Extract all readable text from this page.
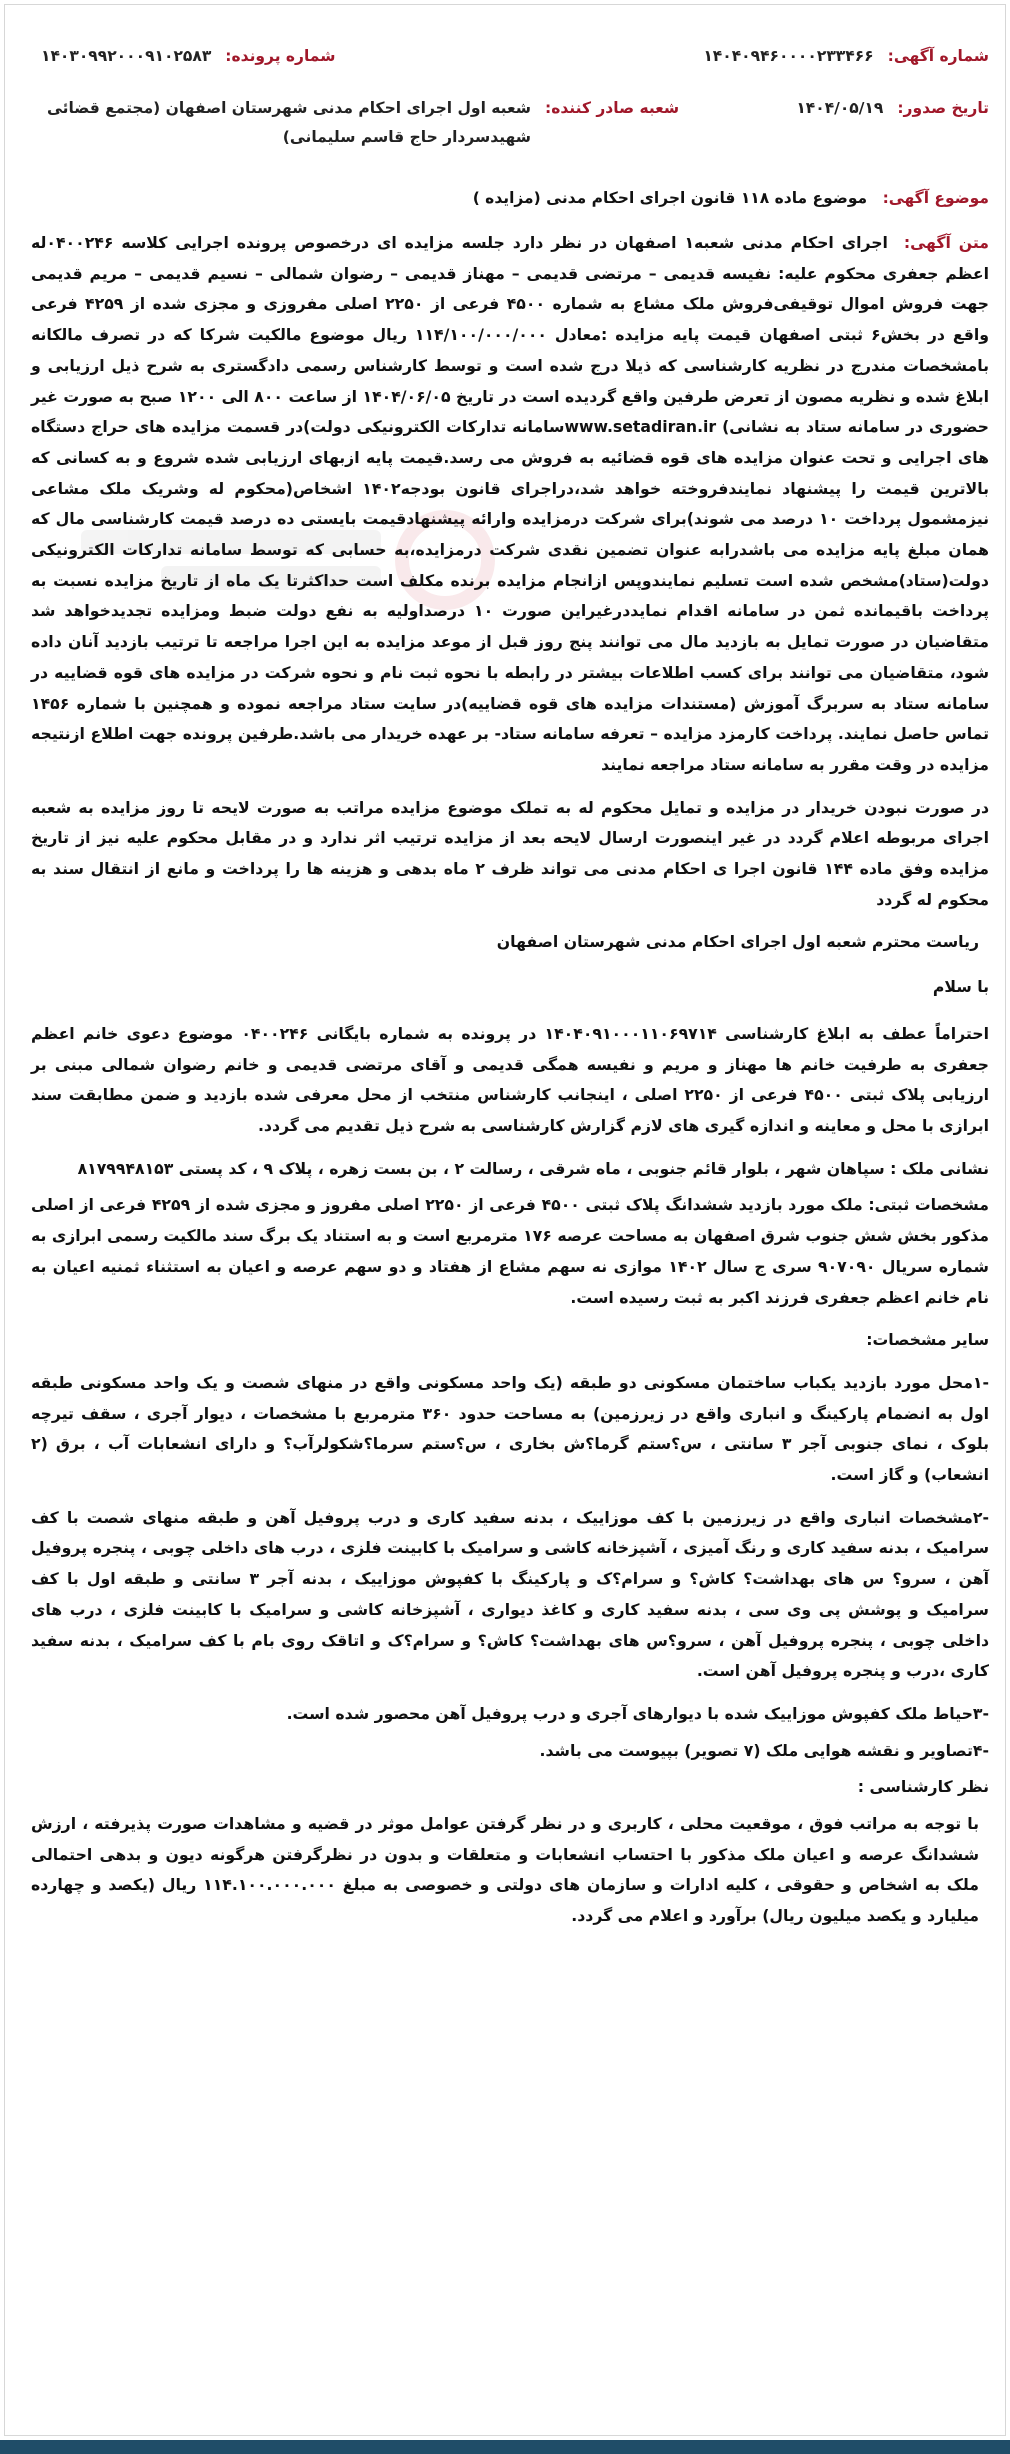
شماره آگهی:
۱۴۰۴۰۹۴۶۰۰۰۰۲۳۳۴۶۶
شماره پرونده:
۱۴۰۳۰۹۹۲۰۰۰۹۱۰۲۵۸۳
تاریخ صدور:
۱۴۰۴/۰۵/۱۹
شعبه صادر کننده:
شعبه اول اجرای احکام مدنی شهرستان اصفهان (مجتمع قضائی شهیدسردار حاج قاسم سلیمانی)
موضوع آگهی: موضوع ماده ۱۱۸ قانون اجرای احکام مدنی (مزایده )

متن آگهی: اجرای احکام مدنی شعبه۱ اصفهان در نظر دارد جلسه مزایده ای درخصوص پرونده اجرایی کلاسه ۰۴۰۰۲۴۶له اعظم جعفری محکوم علیه: نفیسه قدیمی – مرتضی قدیمی – مهناز قدیمی – رضوان شمالی – نسیم قدیمی – مریم قدیمی جهت فروش اموال توقیفی‌فروش ملک مشاع به شماره ۴۵۰۰ فرعی از ۲۲۵۰ اصلی مفروزی و مجزی شده از ۴۲۵۹ فرعی واقع در بخش۶ ثبتی اصفهان قیمت پایه مزایده :معادل ۱۱۴/۱۰۰/۰۰۰/۰۰۰ ریال موضوع مالکیت شرکا که در تصرف مالکانه بامشخصات مندرج در نظریه کارشناسی که ذیلا درج شده است و توسط کارشناس رسمی دادگستری به شرح ذیل ارزیابی و ابلاغ شده و نظریه مصون از تعرض طرفین واقع گردیده است در تاریخ ۱۴۰۴/۰۶/۰۵ از ساعت ۸۰۰ الی ۱۲۰۰ صبح به صورت غیر حضوری در سامانه ستاد به نشانی) www.setadiran.irسامانه تدارکات الکترونیکی دولت)در قسمت مزایده های حراج دستگاه های اجرایی و تحت عنوان مزایده های قوه قضائیه به فروش می رسد.قیمت پایه ازبهای ارزیابی شده شروع و به کسانی که بالاترین قیمت را پیشنهاد نمایندفروخته خواهد شد،دراجرای قانون بودجه۱۴۰۲ اشخاص(محکوم له وشریک ملک مشاعی نیزمشمول پرداخت ۱۰ درصد می شوند)برای شرکت درمزایده وارائه پیشنهادقیمت بایستی ده درصد قیمت کارشناسی مال که همان مبلغ پایه مزایده می باشدرابه عنوان تضمین نقدی شرکت درمزایده،به حسابی که توسط سامانه تدارکات الکترونیکی دولت(ستاد)مشخص شده است تسلیم نمایندوپس ازانجام مزایده برنده مکلف است حداکثرتا یک ماه از تاریخ مزایده نسبت به پرداخت باقیمانده ثمن در سامانه اقدام نمایددرغیراین صورت ۱۰ درصداولیه به نفع دولت ضبط ومزایده تجدیدخواهد شد متقاضیان در صورت تمایل به بازدید مال می توانند پنج روز قبل از موعد مزایده به این اجرا مراجعه تا ترتیب بازدید آنان داده شود، متقاضیان می توانند برای کسب اطلاعات بیشتر در رابطه با نحوه ثبت نام و نحوه شرکت در مزایده های قوه قضاییه در سامانه ستاد به سربرگ آموزش (مستندات مزایده های قوه قضاییه)در سایت ستاد مراجعه نموده و همچنین با شماره ۱۴۵۶ تماس حاصل نمایند. پرداخت کارمزد مزایده – تعرفه سامانه ستاد- بر عهده خریدار می باشد.طرفین پرونده جهت اطلاع ازنتیجه مزایده در وقت مقرر به سامانه ستاد مراجعه نمایند

در صورت نبودن خریدار در مزایده و تمایل محکوم له به تملک موضوع مزایده مراتب به صورت لایحه تا روز مزایده به شعبه اجرای مربوطه اعلام گردد در غیر اینصورت ارسال لایحه بعد از مزایده ترتیب اثر ندارد و در مقابل محکوم علیه نیز از تاریخ مزایده وفق ماده ۱۴۴ قانون اجرا ی احکام مدنی می تواند ظرف ۲ ماه بدهی و هزینه ها را پرداخت و مانع از انتقال سند به محکوم له گردد

ریاست محترم شعبه اول اجرای احکام مدنی شهرستان اصفهان

با سلام

احتراماً عطف به ابلاغ کارشناسی ۱۴۰۴۰۹۱۰۰۰۱۱۰۶۹۷۱۴ در پرونده به شماره بایگانی ۰۴۰۰۲۴۶ موضوع دعوی خانم اعظم جعفری به طرفیت خانم ها مهناز و مریم و نفیسه همگی قدیمی و آقای مرتضی قدیمی و خانم رضوان شمالی مبنی بر ارزیابی پلاک ثبتی ۴۵۰۰ فرعی از ۲۲۵۰ اصلی ، اینجانب کارشناس منتخب از محل معرفی شده بازدید و ضمن مطابقت سند ابرازی با محل و معاینه و اندازه گیری های لازم گزارش کارشناسی به شرح ذیل تقدیم می گردد.

نشانی ملک : سپاهان شهر ، بلوار قائم جنوبی ، ماه شرقی ، رسالت ۲ ، بن بست زهره ، پلاک ۹ ، کد پستی ۸۱۷۹۹۴۸۱۵۳

مشخصات ثبتی: ملک مورد بازدید ششدانگ پلاک ثبتی ۴۵۰۰ فرعی از ۲۲۵۰ اصلی مفروز و مجزی شده از ۴۲۵۹ فرعی از اصلی مذکور بخش شش جنوب شرق اصفهان به مساحت عرصه ۱۷۶ مترمربع است و به استناد یک برگ سند مالکیت رسمی ابرازی به شماره سریال ۹۰۷۰۹۰ سری ج سال ۱۴۰۲ موازی نه سهم مشاع از هفتاد و دو سهم عرصه و اعیان به استثناء ثمنیه اعیان به نام خانم اعظم جعفری فرزند اکبر به ثبت رسیده است.

سایر مشخصات:

-۱محل مورد بازدید یکباب ساختمان مسکونی دو طبقه (یک واحد مسکونی واقع در منهای شصت و یک واحد مسکونی طبقه اول به انضمام پارکینگ و انباری واقع در زیرزمین) به مساحت حدود ۳۶۰ مترمربع با مشخصات ، دیوار آجری ، سقف تیرچه بلوک ، نمای جنوبی آجر ۳ سانتی ، س؟ستم گرما؟ش بخاری ، س؟ستم سرما؟شکولرآب؟ و دارای انشعابات آب ، برق (۲ انشعاب) و گاز است.

-۲مشخصات انباری واقع در زیرزمین با کف موزاییک ، بدنه سفید کاری و درب پروفیل آهن و طبقه منهای شصت با کف سرامیک ، بدنه سفید کاری و رنگ آمیزی ، آشپزخانه کاشی و سرامیک با کابینت فلزی ، درب های داخلی چوبی ، پنجره پروفیل آهن ، سرو؟ س های بهداشت؟ کاش؟ و سرام؟ک و پارکینگ با کفپوش موزاییک ، بدنه آجر ۳ سانتی و طبقه اول با کف سرامیک و پوشش پی وی سی ، بدنه سفید کاری و کاغذ دیواری ، آشپزخانه کاشی و سرامیک با کابینت فلزی ، درب های داخلی چوبی ، پنجره پروفیل آهن ، سرو؟س های بهداشت؟ کاش؟ و سرام؟ک و اتاقک روی بام با کف سرامیک ، بدنه سفید کاری ،درب و پنجره پروفیل آهن است.

-۳حیاط ملک کفپوش موزاییک شده با دیوارهای آجری و درب پروفیل آهن محصور شده است.

-۴تصاویر و نقشه هوایی ملک (۷ تصویر) بپیوست می باشد.

نظر کارشناسی :

با توجه به مراتب فوق ، موقعیت محلی ، کاربری و در نظر گرفتن عوامل موثر در قضیه و مشاهدات صورت پذیرفته ، ارزش ششدانگ عرصه و اعیان ملک مذکور با احتساب انشعابات و متعلقات و بدون در نظرگرفتن هرگونه دیون و بدهی احتمالی ملک به اشخاص و حقوقی ، کلیه ادارات و سازمان های دولتی و خصوصی به مبلغ ۱۱۴.۱۰۰.۰۰۰.۰۰۰ ریال (یکصد و چهارده میلیارد و یکصد میلیون ریال) برآورد و اعلام می گردد.
